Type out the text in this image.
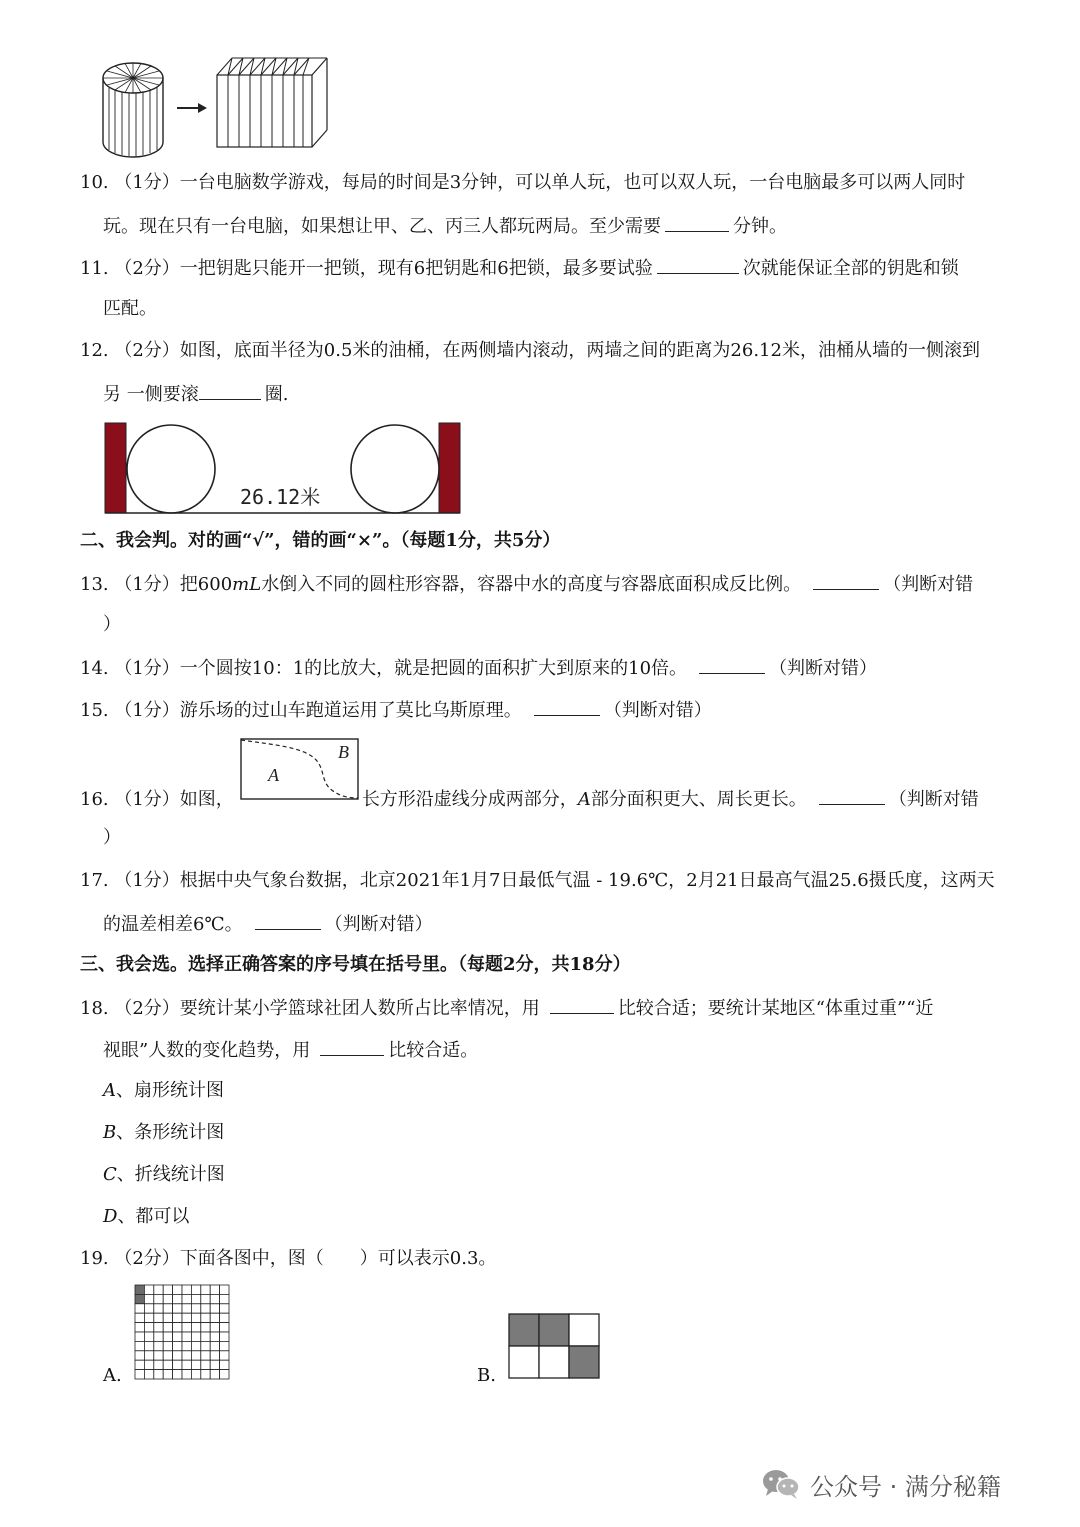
10. （1分）一台电脑数学游戏，每局的时间是3分钟，可以单人玩，也可以双人玩，一台电脑最多可以两人同时
玩。现在只有一台电脑，如果想让甲、乙、丙三人都玩两局。至少需要	分钟。
11. （2分）一把钥匙只能开一把锁，现有6把钥匙和6把锁，最多要试验	次就能保证全部的钥匙和锁
匹配。
12. （2分）如图，底面半径为0.5米的油桶，在两侧墙内滚动，两墙之间的距离为26.12米，油桶从墙的一侧滚到
另 一侧要滚	圈.
26.12米
二、我会判。对的画“√”，错的画“×”。（每题1分，共5分）
13. （1分）把600mL水倒入不同的圆柱形容器，容器中水的高度与容器底面积成反比例。	（判断对错
）
14. （1分）一个圆按10：1的比放大，就是把圆的面积扩大到原来的10倍。	（判断对错）
15. （1分）游乐场的过山车跑道运用了莫比乌斯原理。	（判断对错）
A
B
16. （1分）如图，	长方形沿虚线分成两部分，A部分面积更大、周长更长。	（判断对错
）
17. （1分）根据中央气象台数据，北京2021年1月7日最低气温 - 19.6℃，2月21日最高气温25.6摄氏度，这两天
的温差相差6℃。	（判断对错）
三、我会选。选择正确答案的序号填在括号里。（每题2分，共18分）
18. （2分）要统计某小学篮球社团人数所占比率情况，用	比较合适；要统计某地区“体重过重”“近
视眼”人数的变化趋势，用	比较合适。
A、扇形统计图
B、条形统计图
C、折线统计图
D、都可以
19. （2分）下面各图中，图（　　）可以表示0.3。
A.	B.
公众号 · 满分秘籍
